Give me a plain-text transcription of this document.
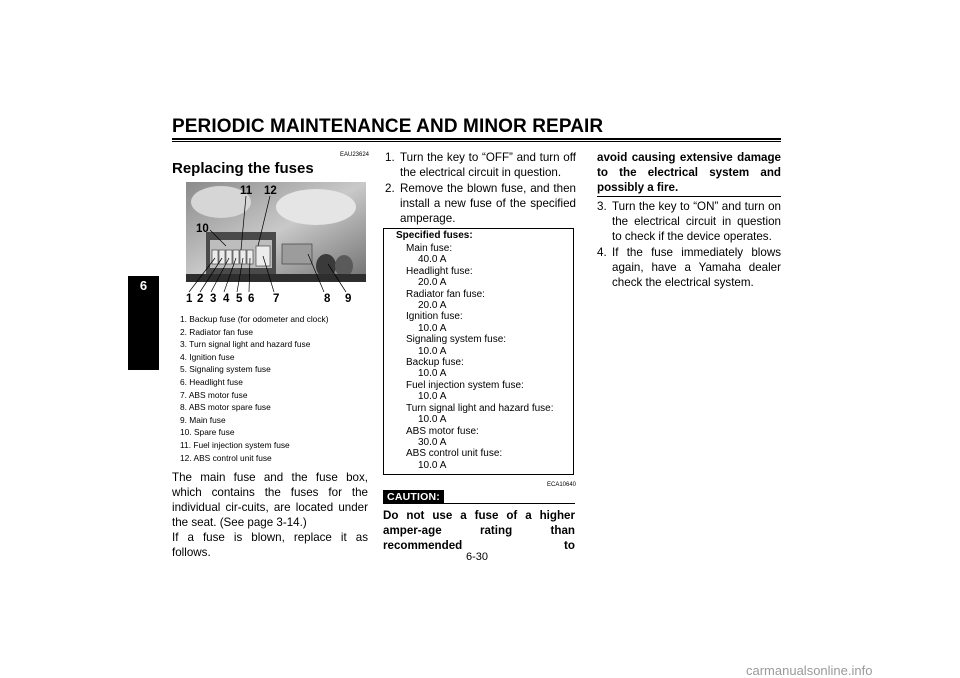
PERIODIC MAINTENANCE AND MINOR REPAIR
6
EAU23624
Replacing the fuses
1 2 3 4 5 6 7	8 9
10
11 12
1. Backup fuse (for odometer and clock)
2. Radiator fan fuse
3. Turn signal light and hazard fuse
4. Ignition fuse
5. Signaling system fuse
6. Headlight fuse
7. ABS motor fuse
8. ABS motor spare fuse
9. Main fuse
10. Spare fuse
11. Fuel injection system fuse
12. ABS control unit fuse

The main fuse and the fuse box, which contains the fuses for the individual cir-cuits, are located under the seat. (See page 3-14.)

If a fuse is blown, replace it as follows.

1. Turn the key to “OFF” and turn off the electrical circuit in question.
2. Remove the blown fuse, and then install a new fuse of the specified amperage.
Specified fuses:
Main fuse:
40.0 A
Headlight fuse:
20.0 A
Radiator fan fuse:
20.0 A
Ignition fuse:
10.0 A
Signaling system fuse:
10.0 A
Backup fuse:
10.0 A
Fuel injection system fuse:
10.0 A
Turn signal light and hazard fuse:
10.0 A
ABS motor fuse:
30.0 A
ABS control unit fuse:
10.0 A
ECA10640
CAUTION:
Do not use a fuse of a higher amper-age rating than recommended to
avoid causing extensive damage to the electrical system and possibly a fire.
3. Turn the key to “ON” and turn on the electrical circuit in question to check if the device operates.
4. If the fuse immediately blows again, have a Yamaha dealer check the electrical system.
6-30
carmanualsonline.info
